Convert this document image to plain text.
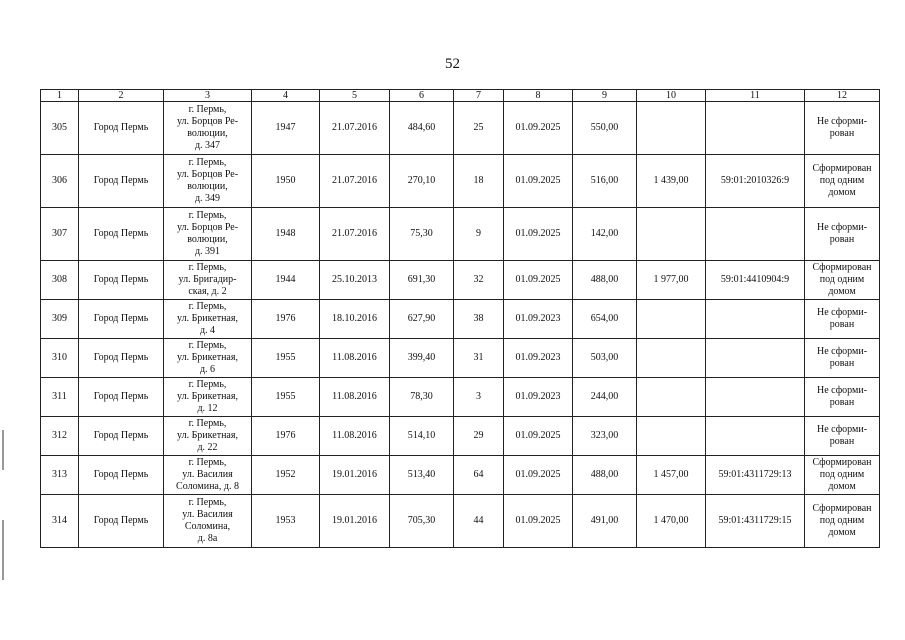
52
1	2	3	4	5	6	7	8	9	10	11	12
305	Город Пермь	г. Пермь,
ул. Борцов Ре-
волюции,
д. 347	1947	21.07.2016	484,60	25	01.09.2025	550,00			Не сформи-
рован
306	Город Пермь	г. Пермь,
ул. Борцов Ре-
волюции,
д. 349	1950	21.07.2016	270,10	18	01.09.2025	516,00	1 439,00	59:01:2010326:9	Сформирован
под одним
домом
307	Город Пермь	г. Пермь,
ул. Борцов Ре-
волюции,
д. 391	1948	21.07.2016	75,30	9	01.09.2025	142,00			Не сформи-
рован
308	Город Пермь	г. Пермь,
ул. Бригадир-
ская, д. 2	1944	25.10.2013	691,30	32	01.09.2025	488,00	1 977,00	59:01:4410904:9	Сформирован
под одним
домом
309	Город Пермь	г. Пермь,
ул. Брикетная,
д. 4	1976	18.10.2016	627,90	38	01.09.2023	654,00			Не сформи-
рован
310	Город Пермь	г. Пермь,
ул. Брикетная,
д. 6	1955	11.08.2016	399,40	31	01.09.2023	503,00			Не сформи-
рован
311	Город Пермь	г. Пермь,
ул. Брикетная,
д. 12	1955	11.08.2016	78,30	3	01.09.2023	244,00			Не сформи-
рован
312	Город Пермь	г. Пермь,
ул. Брикетная,
д. 22	1976	11.08.2016	514,10	29	01.09.2025	323,00			Не сформи-
рован
313	Город Пермь	г. Пермь,
ул. Василия
Соломина, д. 8	1952	19.01.2016	513,40	64	01.09.2025	488,00	1 457,00	59:01:4311729:13	Сформирован
под одним
домом
314	Город Пермь	г. Пермь,
ул. Василия
Соломина,
д. 8а	1953	19.01.2016	705,30	44	01.09.2025	491,00	1 470,00	59:01:4311729:15	Сформирован
под одним
домом
